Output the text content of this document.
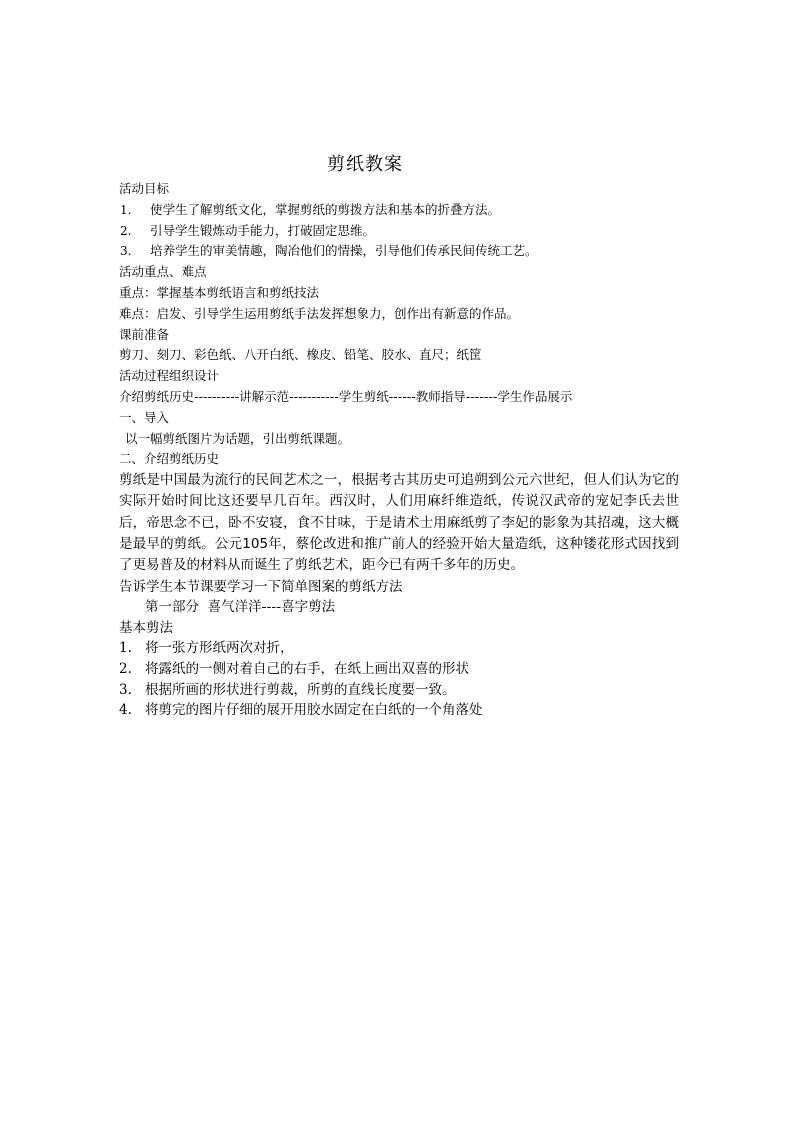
剪纸教案
活动目标
1. 使学生了解剪纸文化，掌握剪纸的剪拨方法和基本的折叠方法。
2. 引导学生锻炼动手能力，打破固定思维。
3. 培养学生的审美情趣，陶冶他们的情操，引导他们传承民间传统工艺。
活动重点、难点
重点：掌握基本剪纸语言和剪纸技法
难点：启发、引导学生运用剪纸手法发挥想象力，创作出有新意的作品。
课前准备
剪刀、刻刀、彩色纸、八开白纸、橡皮、铅笔、胶水、直尺；纸筐
活动过程组织设计
介绍剪纸历史----------讲解示范-----------学生剪纸------教师指导-------学生作品展示
一、导入
以一幅剪纸图片为话题，引出剪纸课题。
二、介绍剪纸历史
剪纸是中国最为流行的民间艺术之一，根据考古其历史可追朔到公元六世纪，但人们认为它的实际开始时间比这还要早几百年。西汉时，人们用麻纤维造纸，传说汉武帝的宠妃李氏去世后，帝思念不已，卧不安寝，食不甘味，于是请术士用麻纸剪了李妃的影象为其招魂，这大概是最早的剪纸。公元105年，蔡伦改进和推广前人的经验开始大量造纸，这种镂花形式因找到了更易普及的材料从而诞生了剪纸艺术，距今已有两千多年的历史。
告诉学生本节课要学习一下简单图案的剪纸方法
第一部分  喜气洋洋----喜字剪法
基本剪法
1. 将一张方形纸两次对折，
2. 将露纸的一侧对着自己的右手，在纸上画出双喜的形状
3. 根据所画的形状进行剪裁，所剪的直线长度要一致。
4. 将剪完的图片仔细的展开用胶水固定在白纸的一个角落处
